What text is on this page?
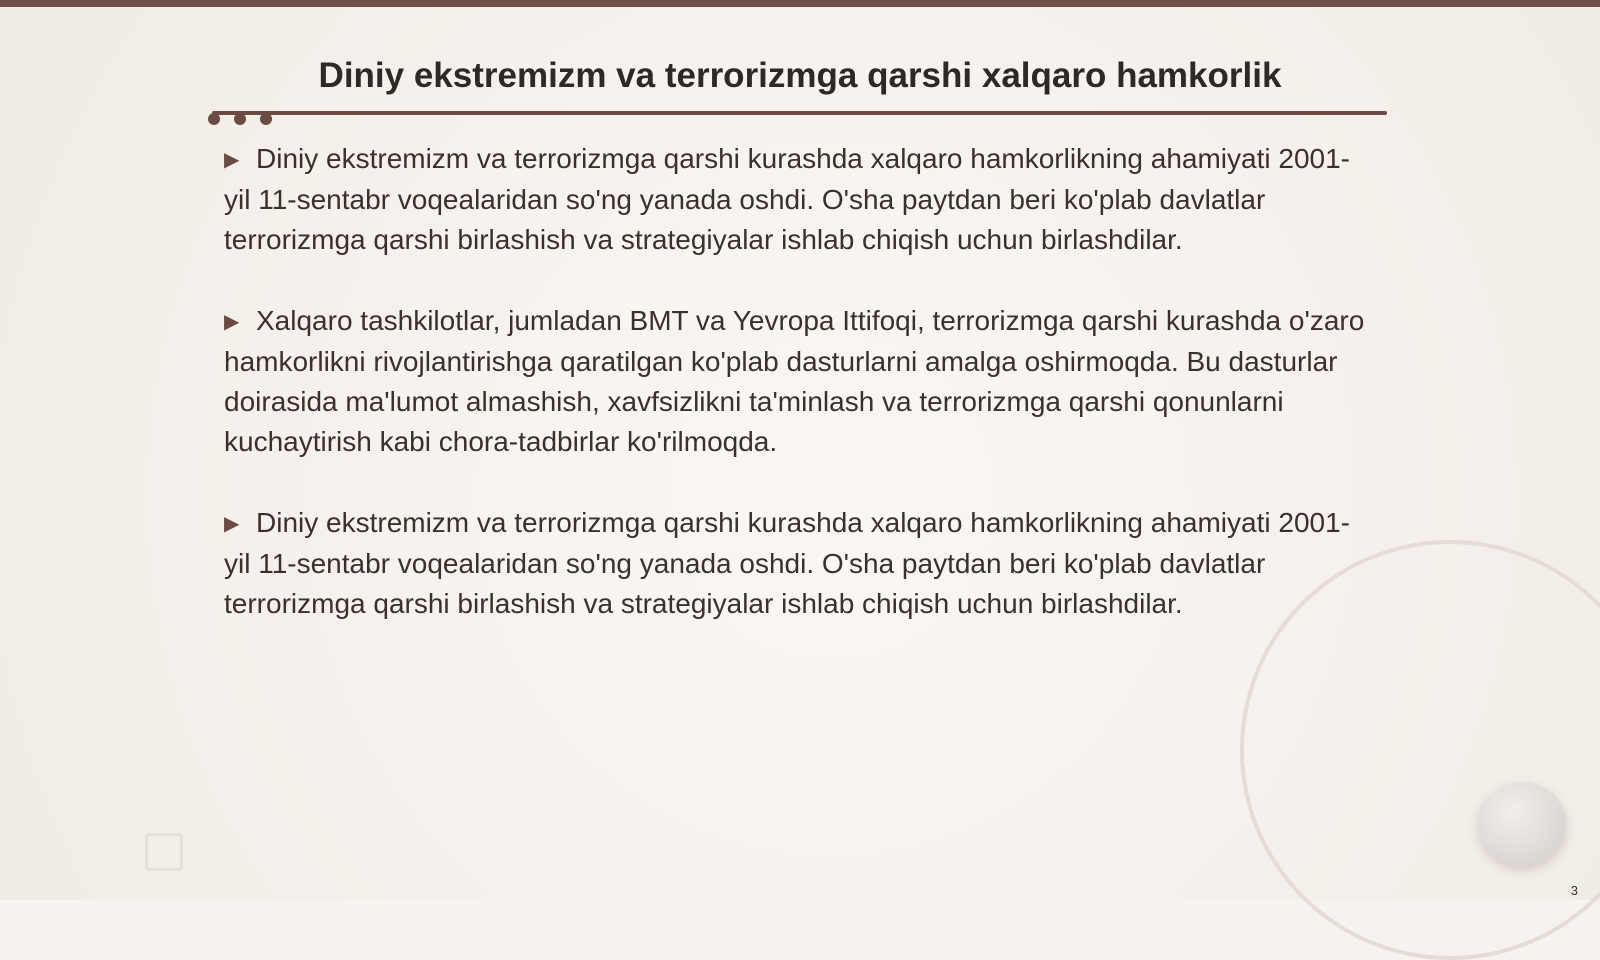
Diniy ekstremizm va terrorizmga qarshi xalqaro hamkorlik

▶ Diniy ekstremizm va terrorizmga qarshi kurashda xalqaro hamkorlikning ahamiyati 2001-yil 11-sentabr voqealaridan so'ng yanada oshdi. O'sha paytdan beri ko'plab davlatlar terrorizmga qarshi birlashish va strategiyalar ishlab chiqish uchun birlashdilar.

▶ Xalqaro tashkilotlar, jumladan BMT va Yevropa Ittifoqi, terrorizmga qarshi kurashda o'zaro hamkorlikni rivojlantirishga qaratilgan ko'plab dasturlarni amalga oshirmoqda. Bu dasturlar doirasida ma'lumot almashish, xavfsizlikni ta'minlash va terrorizmga qarshi qonunlarni kuchaytirish kabi chora-tadbirlar ko'rilmoqda.

▶ Diniy ekstremizm va terrorizmga qarshi kurashda xalqaro hamkorlikning ahamiyati 2001-yil 11-sentabr voqealaridan so'ng yanada oshdi. O'sha paytdan beri ko'plab davlatlar terrorizmga qarshi birlashish va strategiyalar ishlab chiqish uchun birlashdilar.

3
